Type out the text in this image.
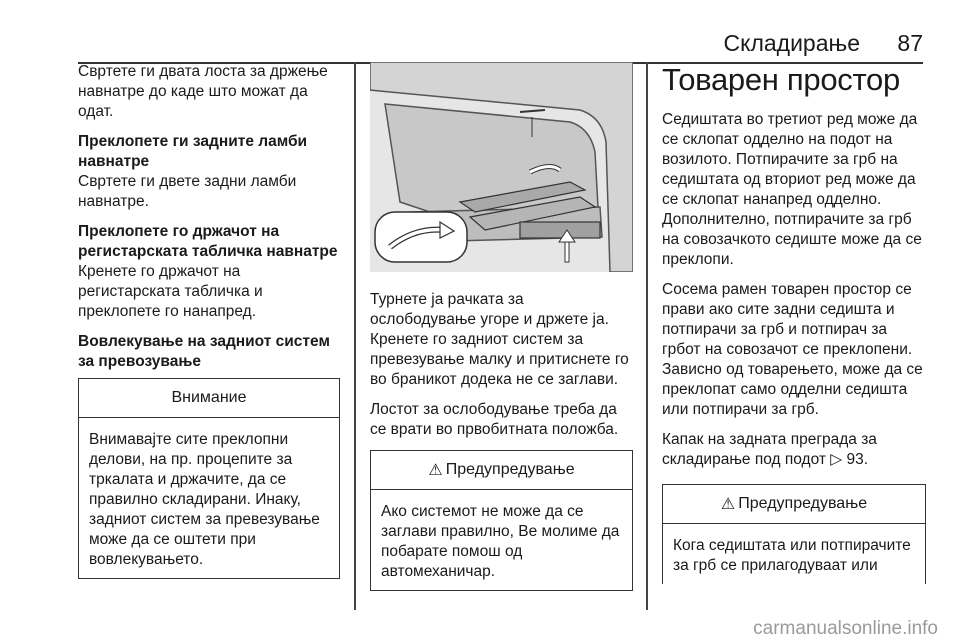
Складирање 87

Свртете ги двата лоста за држење навнатре до каде што можат да одат.

Преклопете ги задните ламби навнатре

Свртете ги двете задни ламби навнатре.

Преклопете го држачот на регистарската табличка навнатре

Кренете го држачот на регистарската табличка и преклопете го нанапред.

Вовлекување на задниот систем за превозување
Внимание

Внимавајте сите преклопни делови, на пр. процепите за тркалата и држачите, да се правилно складирани. Инаку, задниот систем за превезување може да се оштети при вовлекувањето.

Турнете ја рачката за ослободување угоре и држете ја. Кренете го задниот систем за превезување малку и притиснете го во браникот додека не се заглави.

Лостот за ослободување треба да се врати во првобитната положба.

⚠ Предупредување

Ако системот не може да се заглави правилно, Ве молиме да побарате помош од автомеханичар.

Товарен простор

Седиштата во третиот ред може да се склопат одделно на подот на возилото. Потпирачите за грб на седиштата од вториот ред може да се склопат нанапред одделно. Дополнително, потпирачите за грб на совозачкото седиште може да се преклопи.

Сосема рамен товарен простор се прави ако сите задни седишта и потпирачи за грб и потпирач за грбот на совозачот се преклопени. Зависно од товарењето, може да се преклопат само одделни седишта или потпирачи за грб.

Капак на задната преграда за складирање под подот ▷ 93.

⚠ Предупредување

Кога седиштата или потпирачите за грб се прилагодуваат или

carmanualsonline.info
